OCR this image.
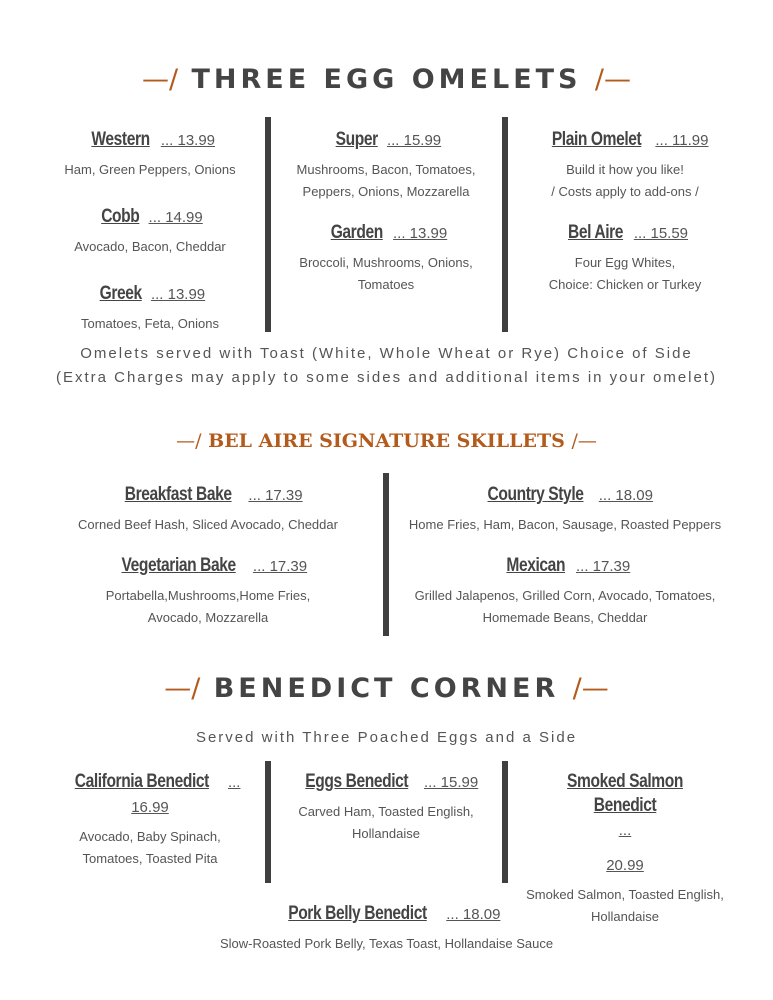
—/ THREE EGG OMELETS /—
Western ... 13.99
Ham, Green Peppers, Onions
Cobb ... 14.99
Avocado, Bacon, Cheddar
Greek ... 13.99
Tomatoes, Feta, Onions
Super ... 15.99
Mushrooms, Bacon, Tomatoes,
Peppers, Onions, Mozzarella
Garden ... 13.99
Broccoli, Mushrooms, Onions,
Tomatoes
Plain Omelet ... 11.99
Build it how you like!
/ Costs apply to add-ons /
Bel Aire ... 15.59
Four Egg Whites,
Choice: Chicken or Turkey
Omelets served with Toast (White, Whole Wheat or Rye) Choice of Side
(Extra Charges may apply to some sides and additional items in your omelet)
—/ BEL AIRE SIGNATURE SKILLETS /—
Breakfast Bake ... 17.39
Corned Beef Hash, Sliced Avocado, Cheddar
Vegetarian Bake ... 17.39
Portabella,Mushrooms,Home Fries,
Avocado, Mozzarella
Country Style ... 18.09
Home Fries, Ham, Bacon, Sausage, Roasted Peppers
Mexican ... 17.39
Grilled Jalapenos, Grilled Corn, Avocado, Tomatoes,
Homemade Beans, Cheddar
—/ BENEDICT CORNER /—
Served with Three Poached Eggs and a Side
California Benedict ... 16.99
Avocado, Baby Spinach,
Tomatoes, Toasted Pita
Eggs Benedict ... 15.99
Carved Ham, Toasted English,
Hollandaise
Smoked Salmon Benedict ...
20.99
Smoked Salmon, Toasted English,
Hollandaise
Pork Belly Benedict ... 18.09
Slow-Roasted Pork Belly, Texas Toast, Hollandaise Sauce
